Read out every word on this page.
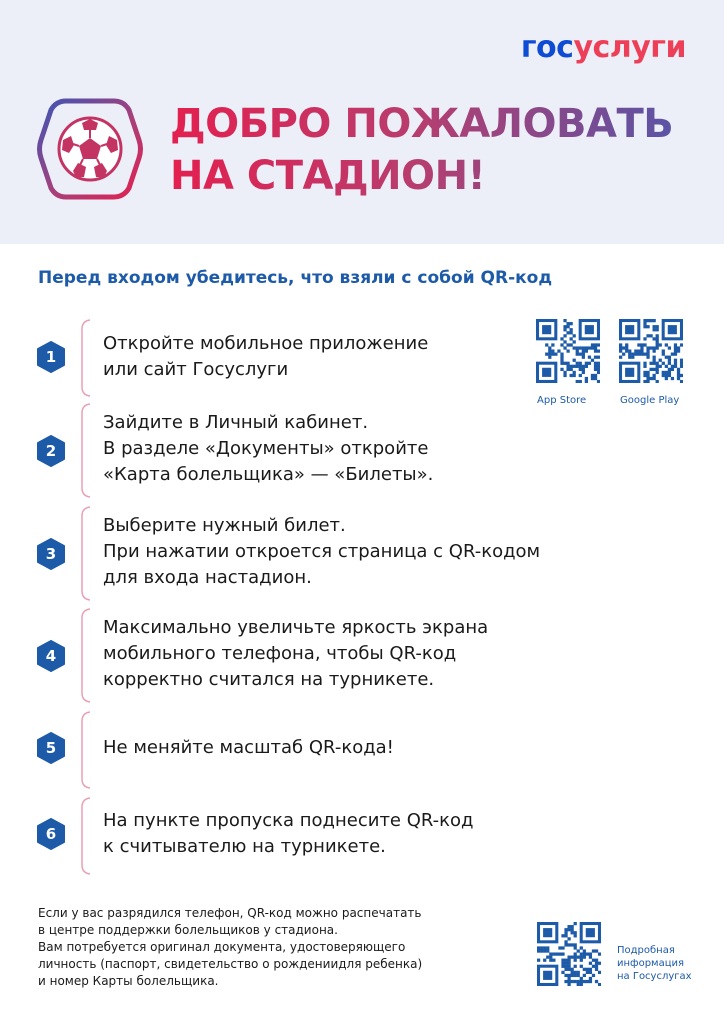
госуслуги
ДОБРО ПОЖАЛОВАТЬ
НА СТАДИОН!
Перед входом убедитесь, что взяли с собой QR-код
App Store	Google Play
1
Откройте мобильное приложение
или сайт Госуслуги
2
Зайдите в Личный кабинет.
В разделе «Документы» откройте
«Карта болельщика» — «Билеты».
3
Выберите нужный билет.
При нажатии откроется страница с QR-кодом
для входа настадион.
4
Максимально увеличьте яркость экрана
мобильного телефона, чтобы QR-код
корректно считался на турникете.
5	Не меняйте масштаб QR-кода!
6
На пункте пропуска поднесите QR-код
к считывателю на турникете.
Если у вас разрядился телефон, QR-код можно распечатать
в центре поддержки болельщиков у стадиона.
Вам потребуется оригинал документа, удостоверяющего
личность (паспорт, свидетельство о рождениидля ребенка)
и номер Карты болельщика.
Подробная
информация
на Госуслугах
